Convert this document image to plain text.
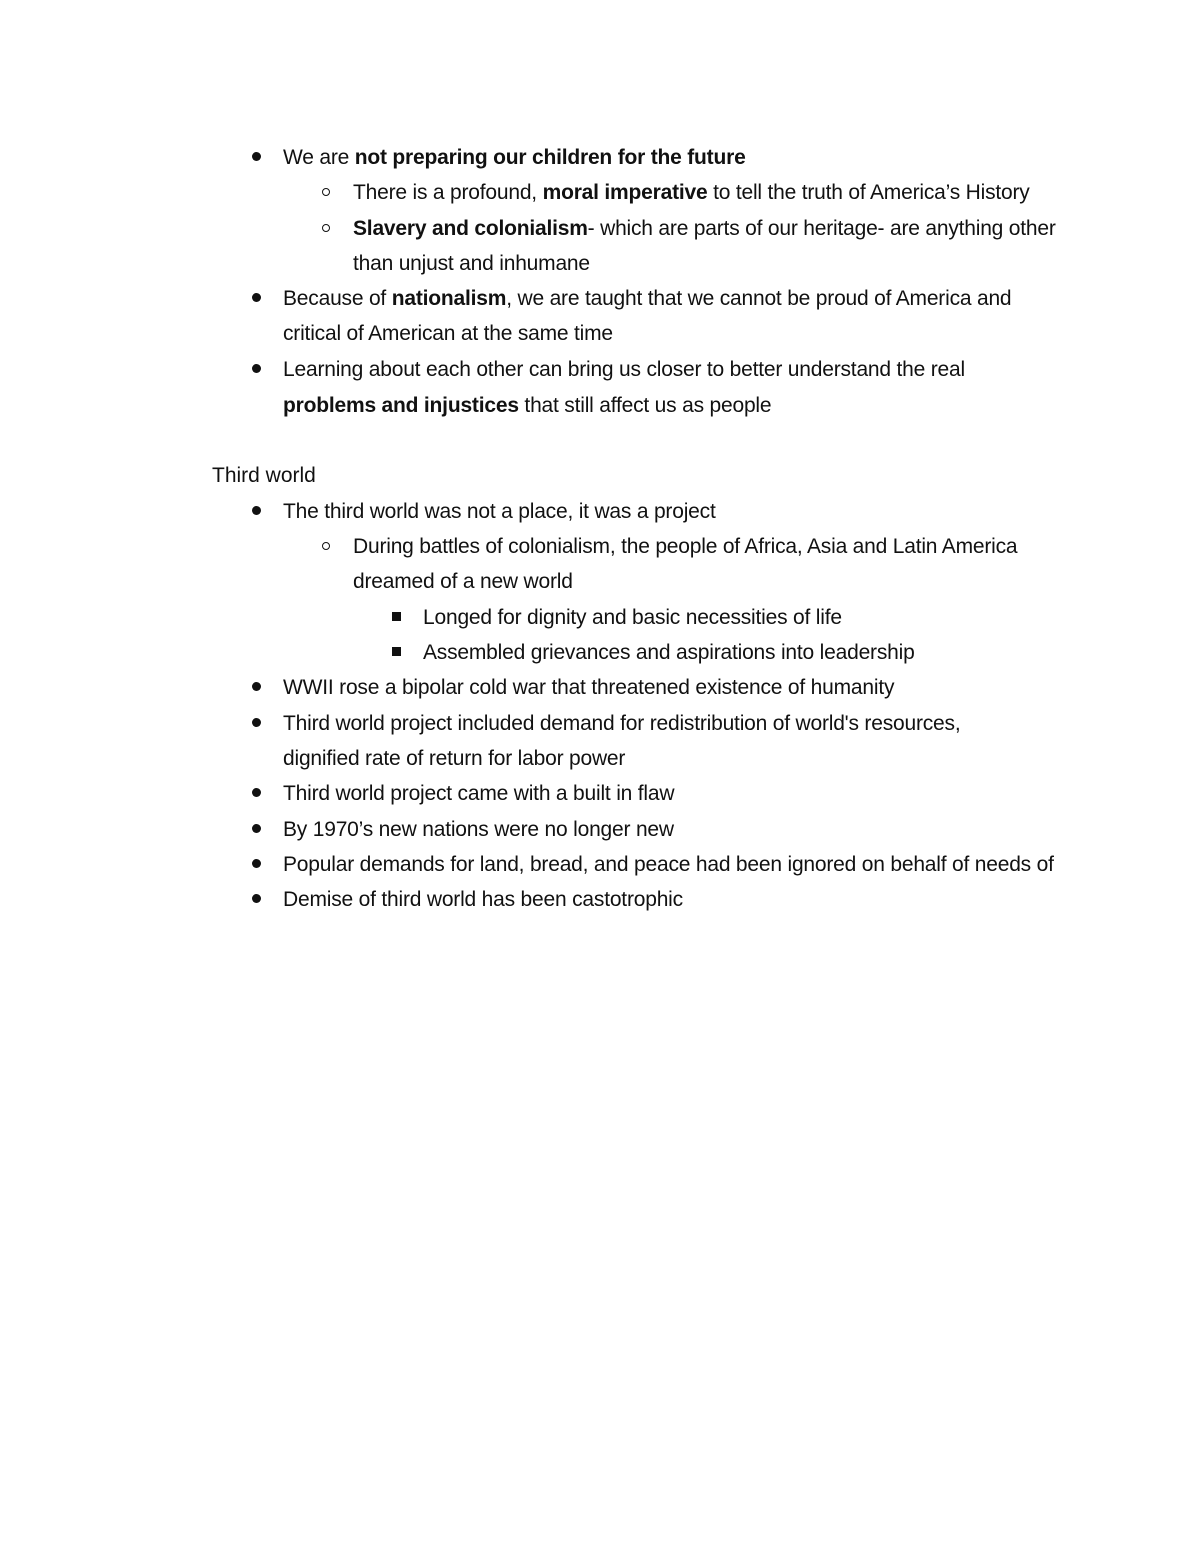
We are not preparing our children for the future
There is a profound, moral imperative to tell the truth of America’s History
Slavery and colonialism- which are parts of our heritage- are anything other
than unjust and inhumane
Because of nationalism, we are taught that we cannot be proud of America and
critical of American at the same time
Learning about each other can bring us closer to better understand the real
problems and injustices that still affect us as people
Third world
The third world was not a place, it was a project
During battles of colonialism, the people of Africa, Asia and Latin America
dreamed of a new world
Longed for dignity and basic necessities of life
Assembled grievances and aspirations into leadership
WWII rose a bipolar cold war that threatened existence of humanity
Third world project included demand for redistribution of world's resources,
dignified rate of return for labor power
Third world project came with a built in flaw
By 1970’s new nations were no longer new
Popular demands for land, bread, and peace had been ignored on behalf of needs of
Demise of third world has been castotrophic
